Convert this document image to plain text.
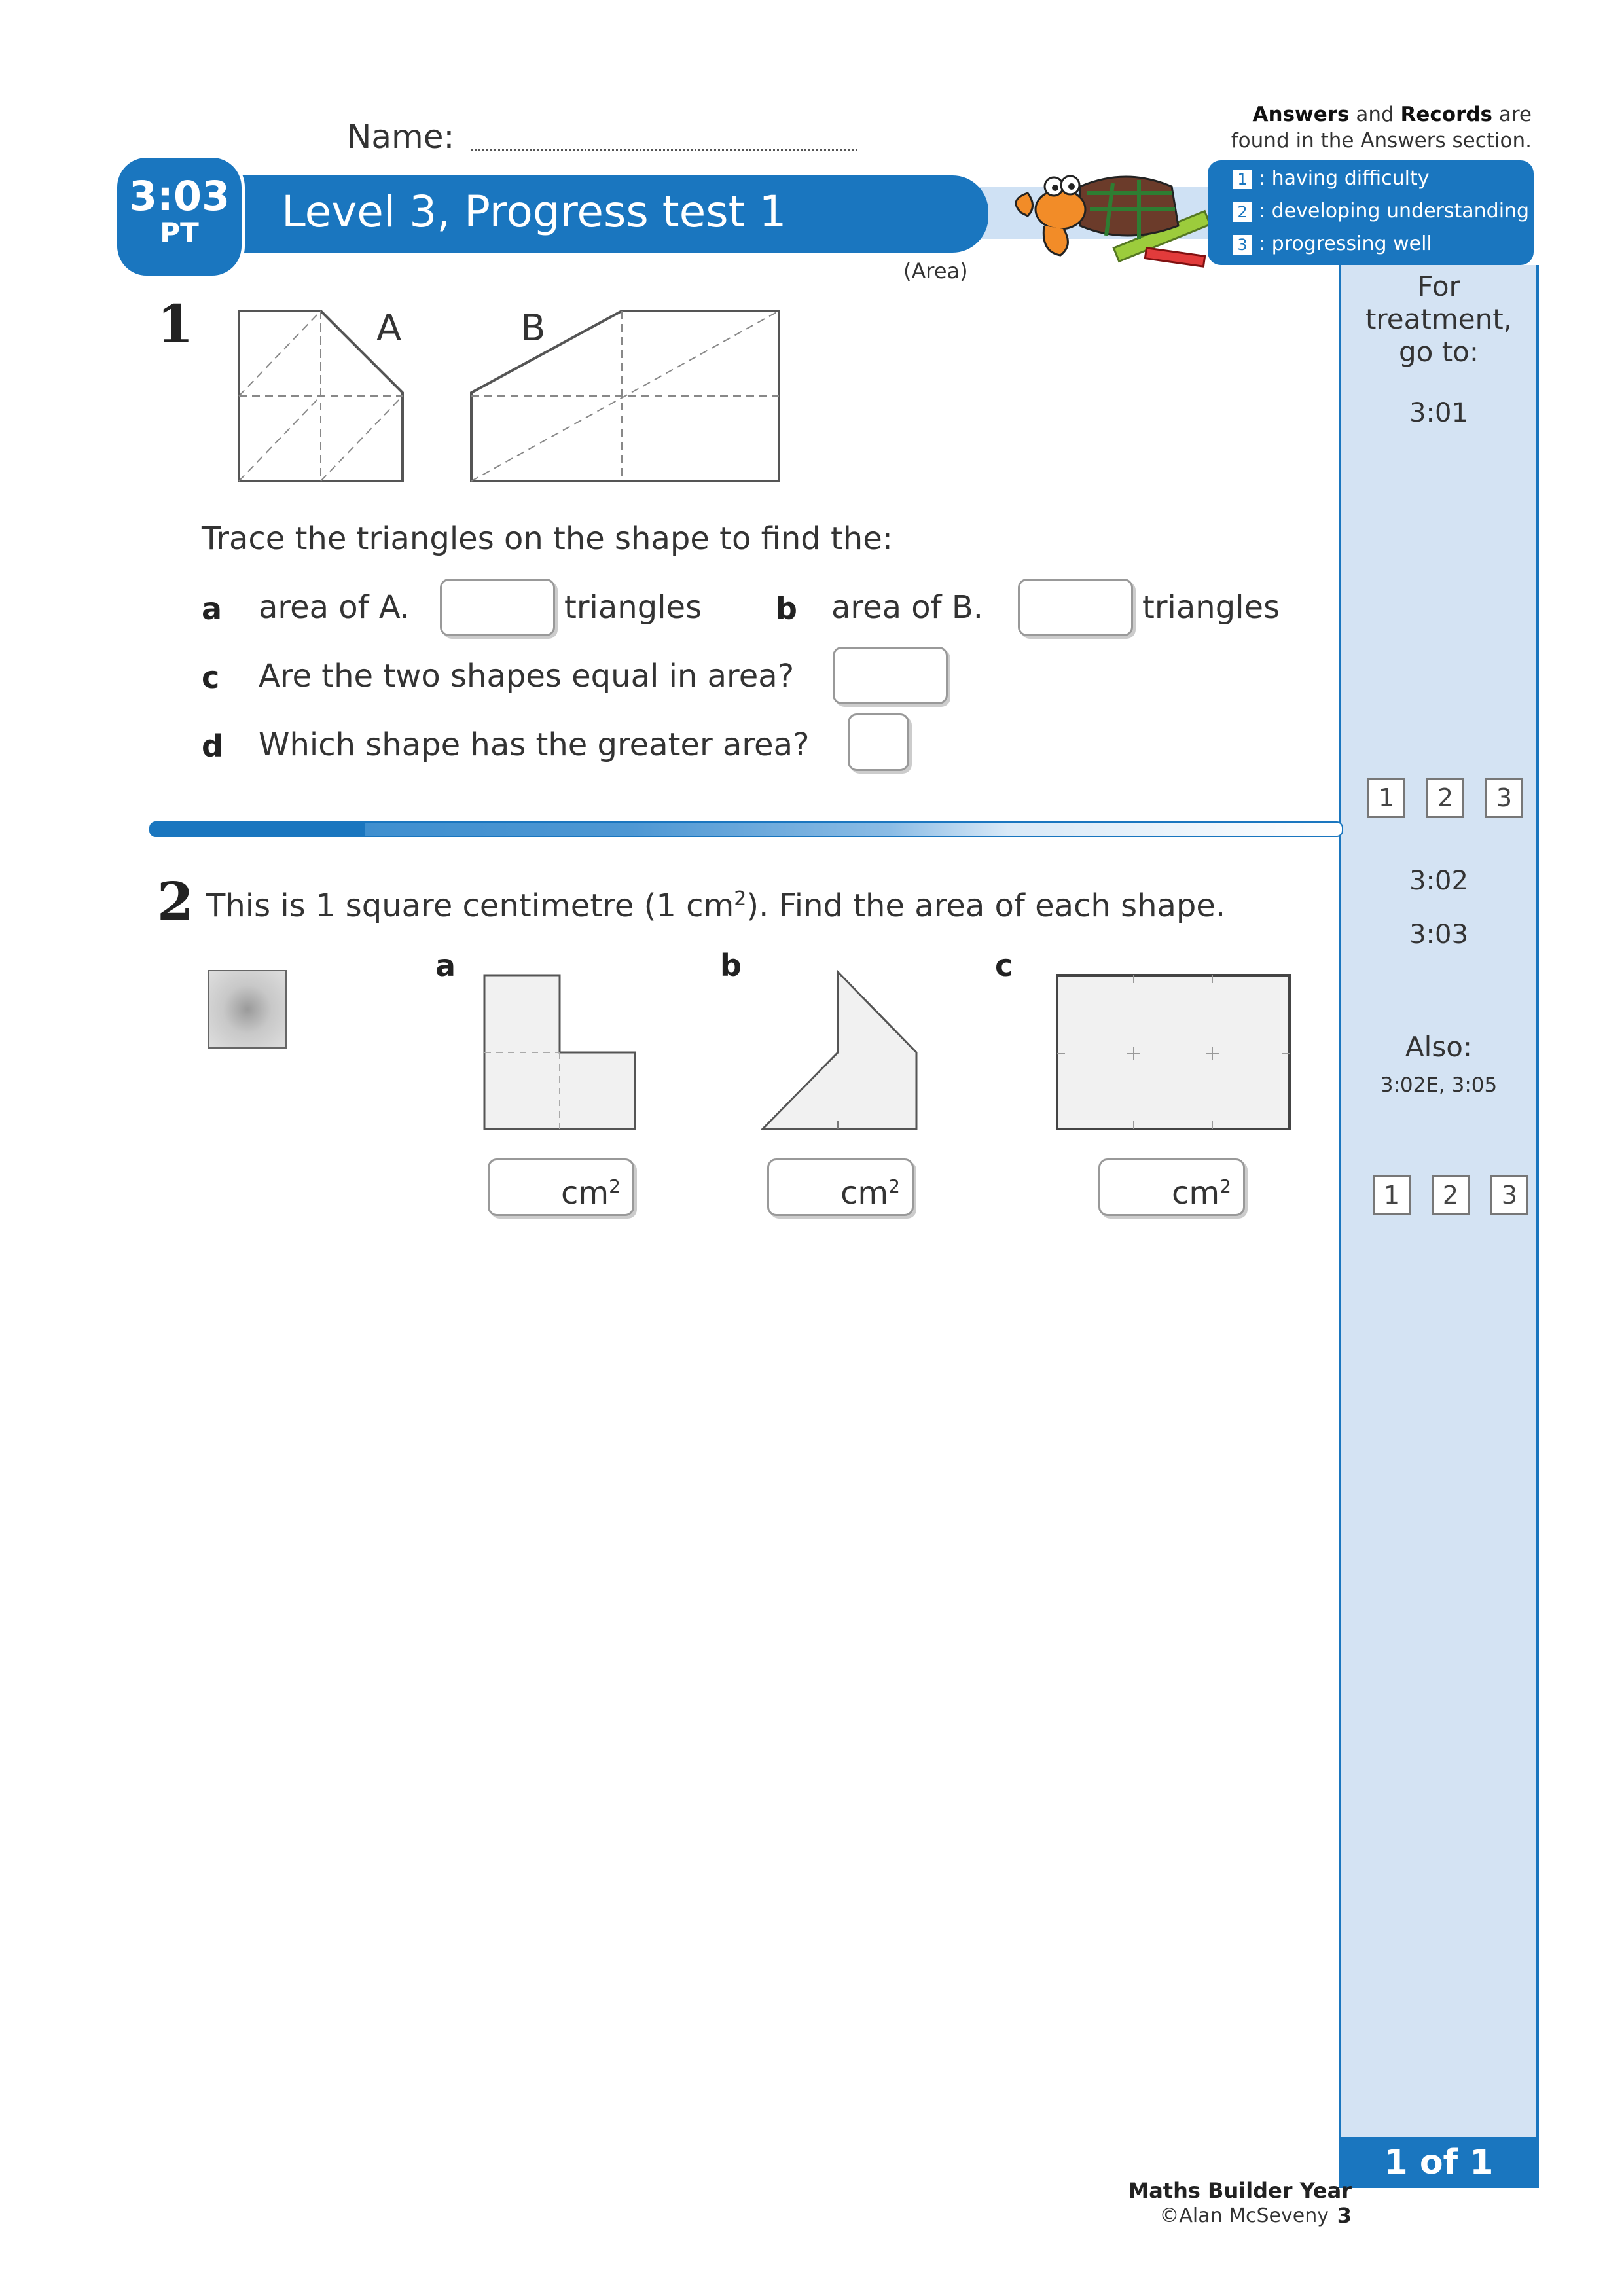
Name:
Answers and Records are
found in the Answers section.
Level 3, Progress test 1
3:03
PT
(Area)
1 : having difficulty
2 : developing understanding
3 : progressing well
For treatment,
go to:
3:01
1	2	3
3:02
3:03
Also:
3:02E, 3:05
1	2	3
1 of 1
1	A	B
Trace the triangles on the shape to find the:
a area of A.	triangles b area of B.	triangles
c Are the two shapes equal in area?
d Which shape has the greater area?
2 This is 1 square centimetre (1 $cm^2$). Find the area of each shape.
a	b	c
$cm^2$	$cm^2$	$cm^2$
Maths Builder Year 3
©Alan McSeveny
